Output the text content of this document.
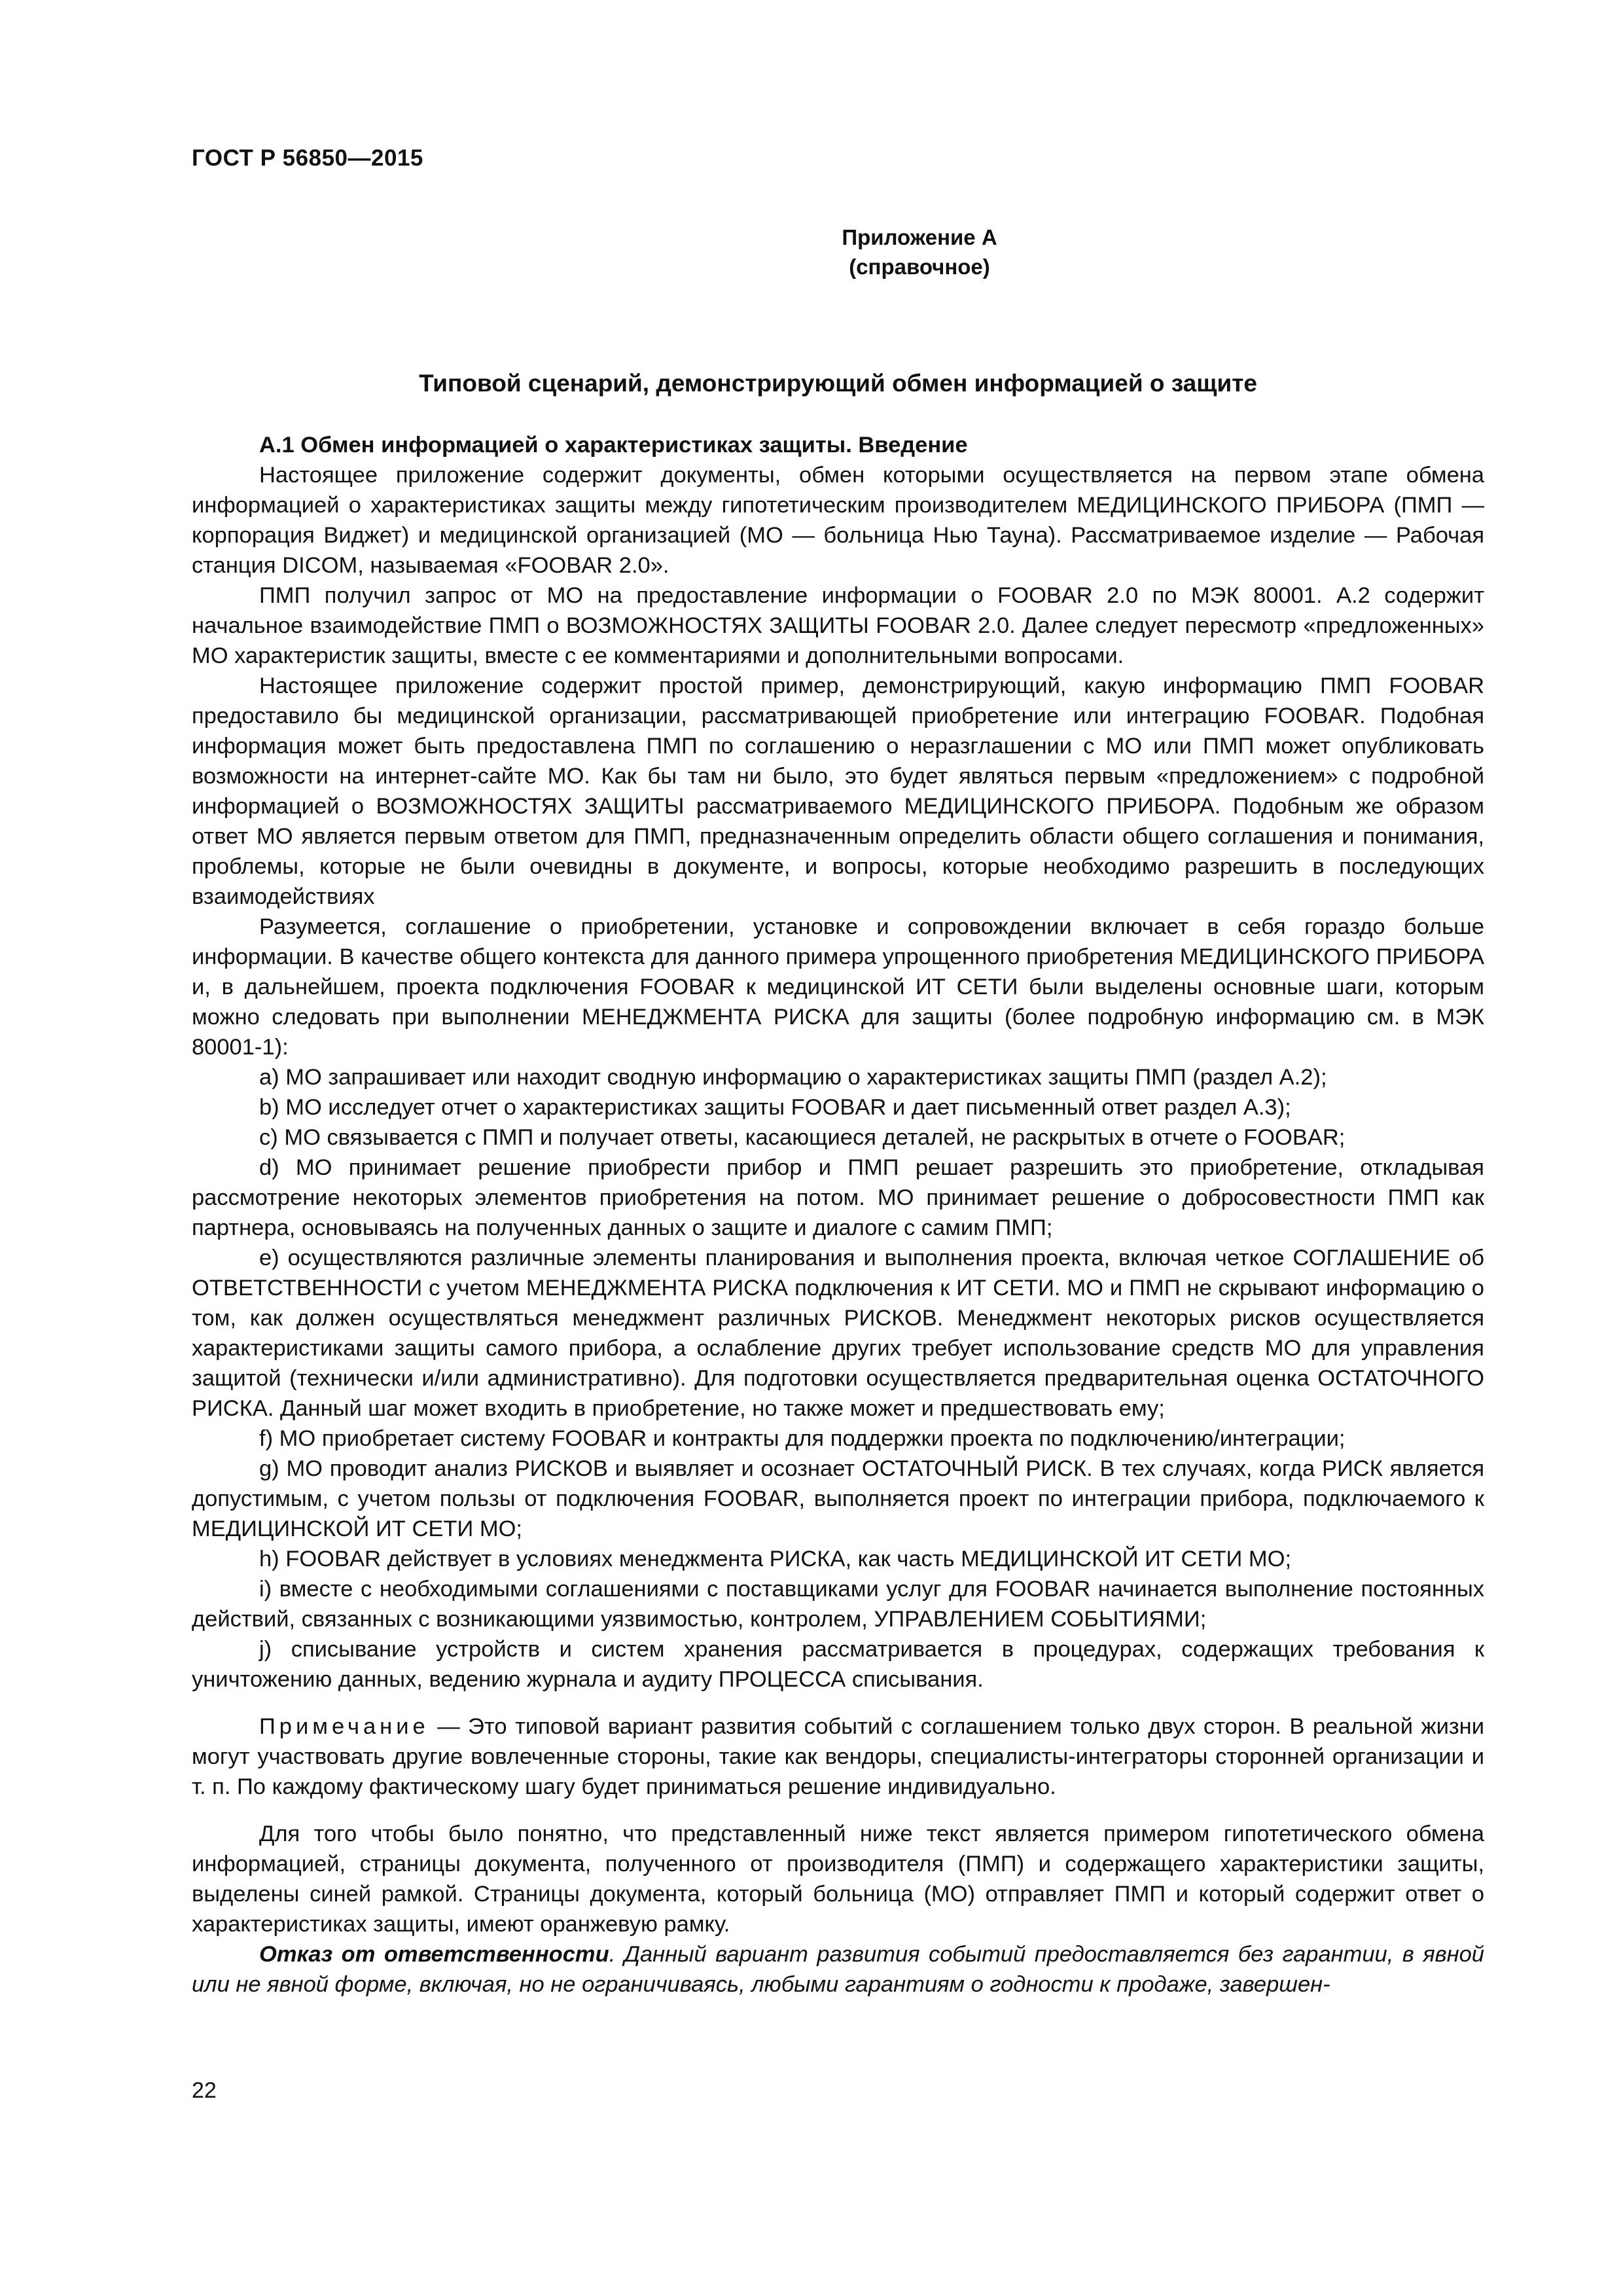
ГОСТ Р 56850—2015
Приложение А
(справочное)
Типовой сценарий, демонстрирующий обмен информацией о защите

А.1 Обмен информацией о характеристиках защиты. Введение

Настоящее приложение содержит документы, обмен которыми осуществляется на первом этапе обмена информацией о характеристиках защиты между гипотетическим производителем МЕДИЦИНСКОГО ПРИБОРА (ПМП — корпорация Виджет) и медицинской организацией (МО — больница Нью Тауна). Рассматриваемое изделие — Рабочая станция DICOM, называемая «FOOBAR 2.0».

ПМП получил запрос от МО на предоставление информации о FOOBAR 2.0 по МЭК 80001. А.2 содержит начальное взаимодействие ПМП о ВОЗМОЖНОСТЯХ ЗАЩИТЫ FOOBAR 2.0. Далее следует пересмотр «предложенных» МО характеристик защиты, вместе с ее комментариями и дополнительными вопросами.

Настоящее приложение содержит простой пример, демонстрирующий, какую информацию ПМП FOOBAR предоставило бы медицинской организации, рассматривающей приобретение или интеграцию FOOBAR. Подобная информация может быть предоставлена ПМП по соглашению о неразглашении с МО или ПМП может опубликовать возможности на интернет-сайте МО. Как бы там ни было, это будет являться первым «предложением» с подробной информацией о ВОЗМОЖНОСТЯХ ЗАЩИТЫ рассматриваемого МЕДИЦИНСКОГО ПРИБОРА. Подобным же образом ответ МО является первым ответом для ПМП, предназначенным определить области общего соглашения и понимания, проблемы, которые не были очевидны в документе, и вопросы, которые необходимо разрешить в последующих взаимодействиях

Разумеется, соглашение о приобретении, установке и сопровождении включает в себя гораздо больше информации. В качестве общего контекста для данного примера упрощенного приобретения МЕДИЦИНСКОГО ПРИБОРА и, в дальнейшем, проекта подключения FOOBAR к медицинской ИТ СЕТИ были выделены основные шаги, которым можно следовать при выполнении МЕНЕДЖМЕНТА РИСКА для защиты (более подробную информацию см. в МЭК 80001-1):

а) МО запрашивает или находит сводную информацию о характеристиках защиты ПМП (раздел А.2);

b) МО исследует отчет о характеристиках защиты FOOBAR и дает письменный ответ раздел А.3);

c) МО связывается с ПМП и получает ответы, касающиеся деталей, не раскрытых в отчете о FOOBAR;

d) МО принимает решение приобрести прибор и ПМП решает разрешить это приобретение, откладывая рассмотрение некоторых элементов приобретения на потом. МО принимает решение о добросовестности ПМП как партнера, основываясь на полученных данных о защите и диалоге с самим ПМП;

e) осуществляются различные элементы планирования и выполнения проекта, включая четкое СОГЛАШЕНИЕ об ОТВЕТСТВЕННОСТИ с учетом МЕНЕДЖМЕНТА РИСКА подключения к ИТ СЕТИ. МО и ПМП не скрывают информацию о том, как должен осуществляться менеджмент различных РИСКОВ. Менеджмент некоторых рисков осуществляется характеристиками защиты самого прибора, а ослабление других требует использование средств МО для управления защитой (технически и/или административно). Для подготовки осуществляется предварительная оценка ОСТАТОЧНОГО РИСКА. Данный шаг может входить в приобретение, но также может и предшествовать ему;

f) МО приобретает систему FOOBAR и контракты для поддержки проекта по подключению/интеграции;

g) МО проводит анализ РИСКОВ и выявляет и осознает ОСТАТОЧНЫЙ РИСК. В тех случаях, когда РИСК является допустимым, с учетом пользы от подключения FOOBAR, выполняется проект по интеграции прибора, подключаемого к МЕДИЦИНСКОЙ ИТ СЕТИ МО;

h) FOOBAR действует в условиях менеджмента РИСКА, как часть МЕДИЦИНСКОЙ ИТ СЕТИ МО;

i) вместе с необходимыми соглашениями с поставщиками услуг для FOOBAR начинается выполнение постоянных действий, связанных с возникающими уязвимостью, контролем, УПРАВЛЕНИЕМ СОБЫТИЯМИ;

j) списывание устройств и систем хранения рассматривается в процедурах, содержащих требования к уничтожению данных, ведению журнала и аудиту ПРОЦЕССА списывания.

Примечание — Это типовой вариант развития событий с соглашением только двух сторон. В реальной жизни могут участвовать другие вовлеченные стороны, такие как вендоры, специалисты-интеграторы сторонней организации и т. п. По каждому фактическому шагу будет приниматься решение индивидуально.

Для того чтобы было понятно, что представленный ниже текст является примером гипотетического обмена информацией, страницы документа, полученного от производителя (ПМП) и содержащего характеристики защиты, выделены синей рамкой. Страницы документа, который больница (МО) отправляет ПМП и который содержит ответ о характеристиках защиты, имеют оранжевую рамку.

Отказ от ответственности. Данный вариант развития событий предоставляется без гарантии, в явной или не явной форме, включая, но не ограничиваясь, любыми гарантиям о годности к продаже, завершен-

22
